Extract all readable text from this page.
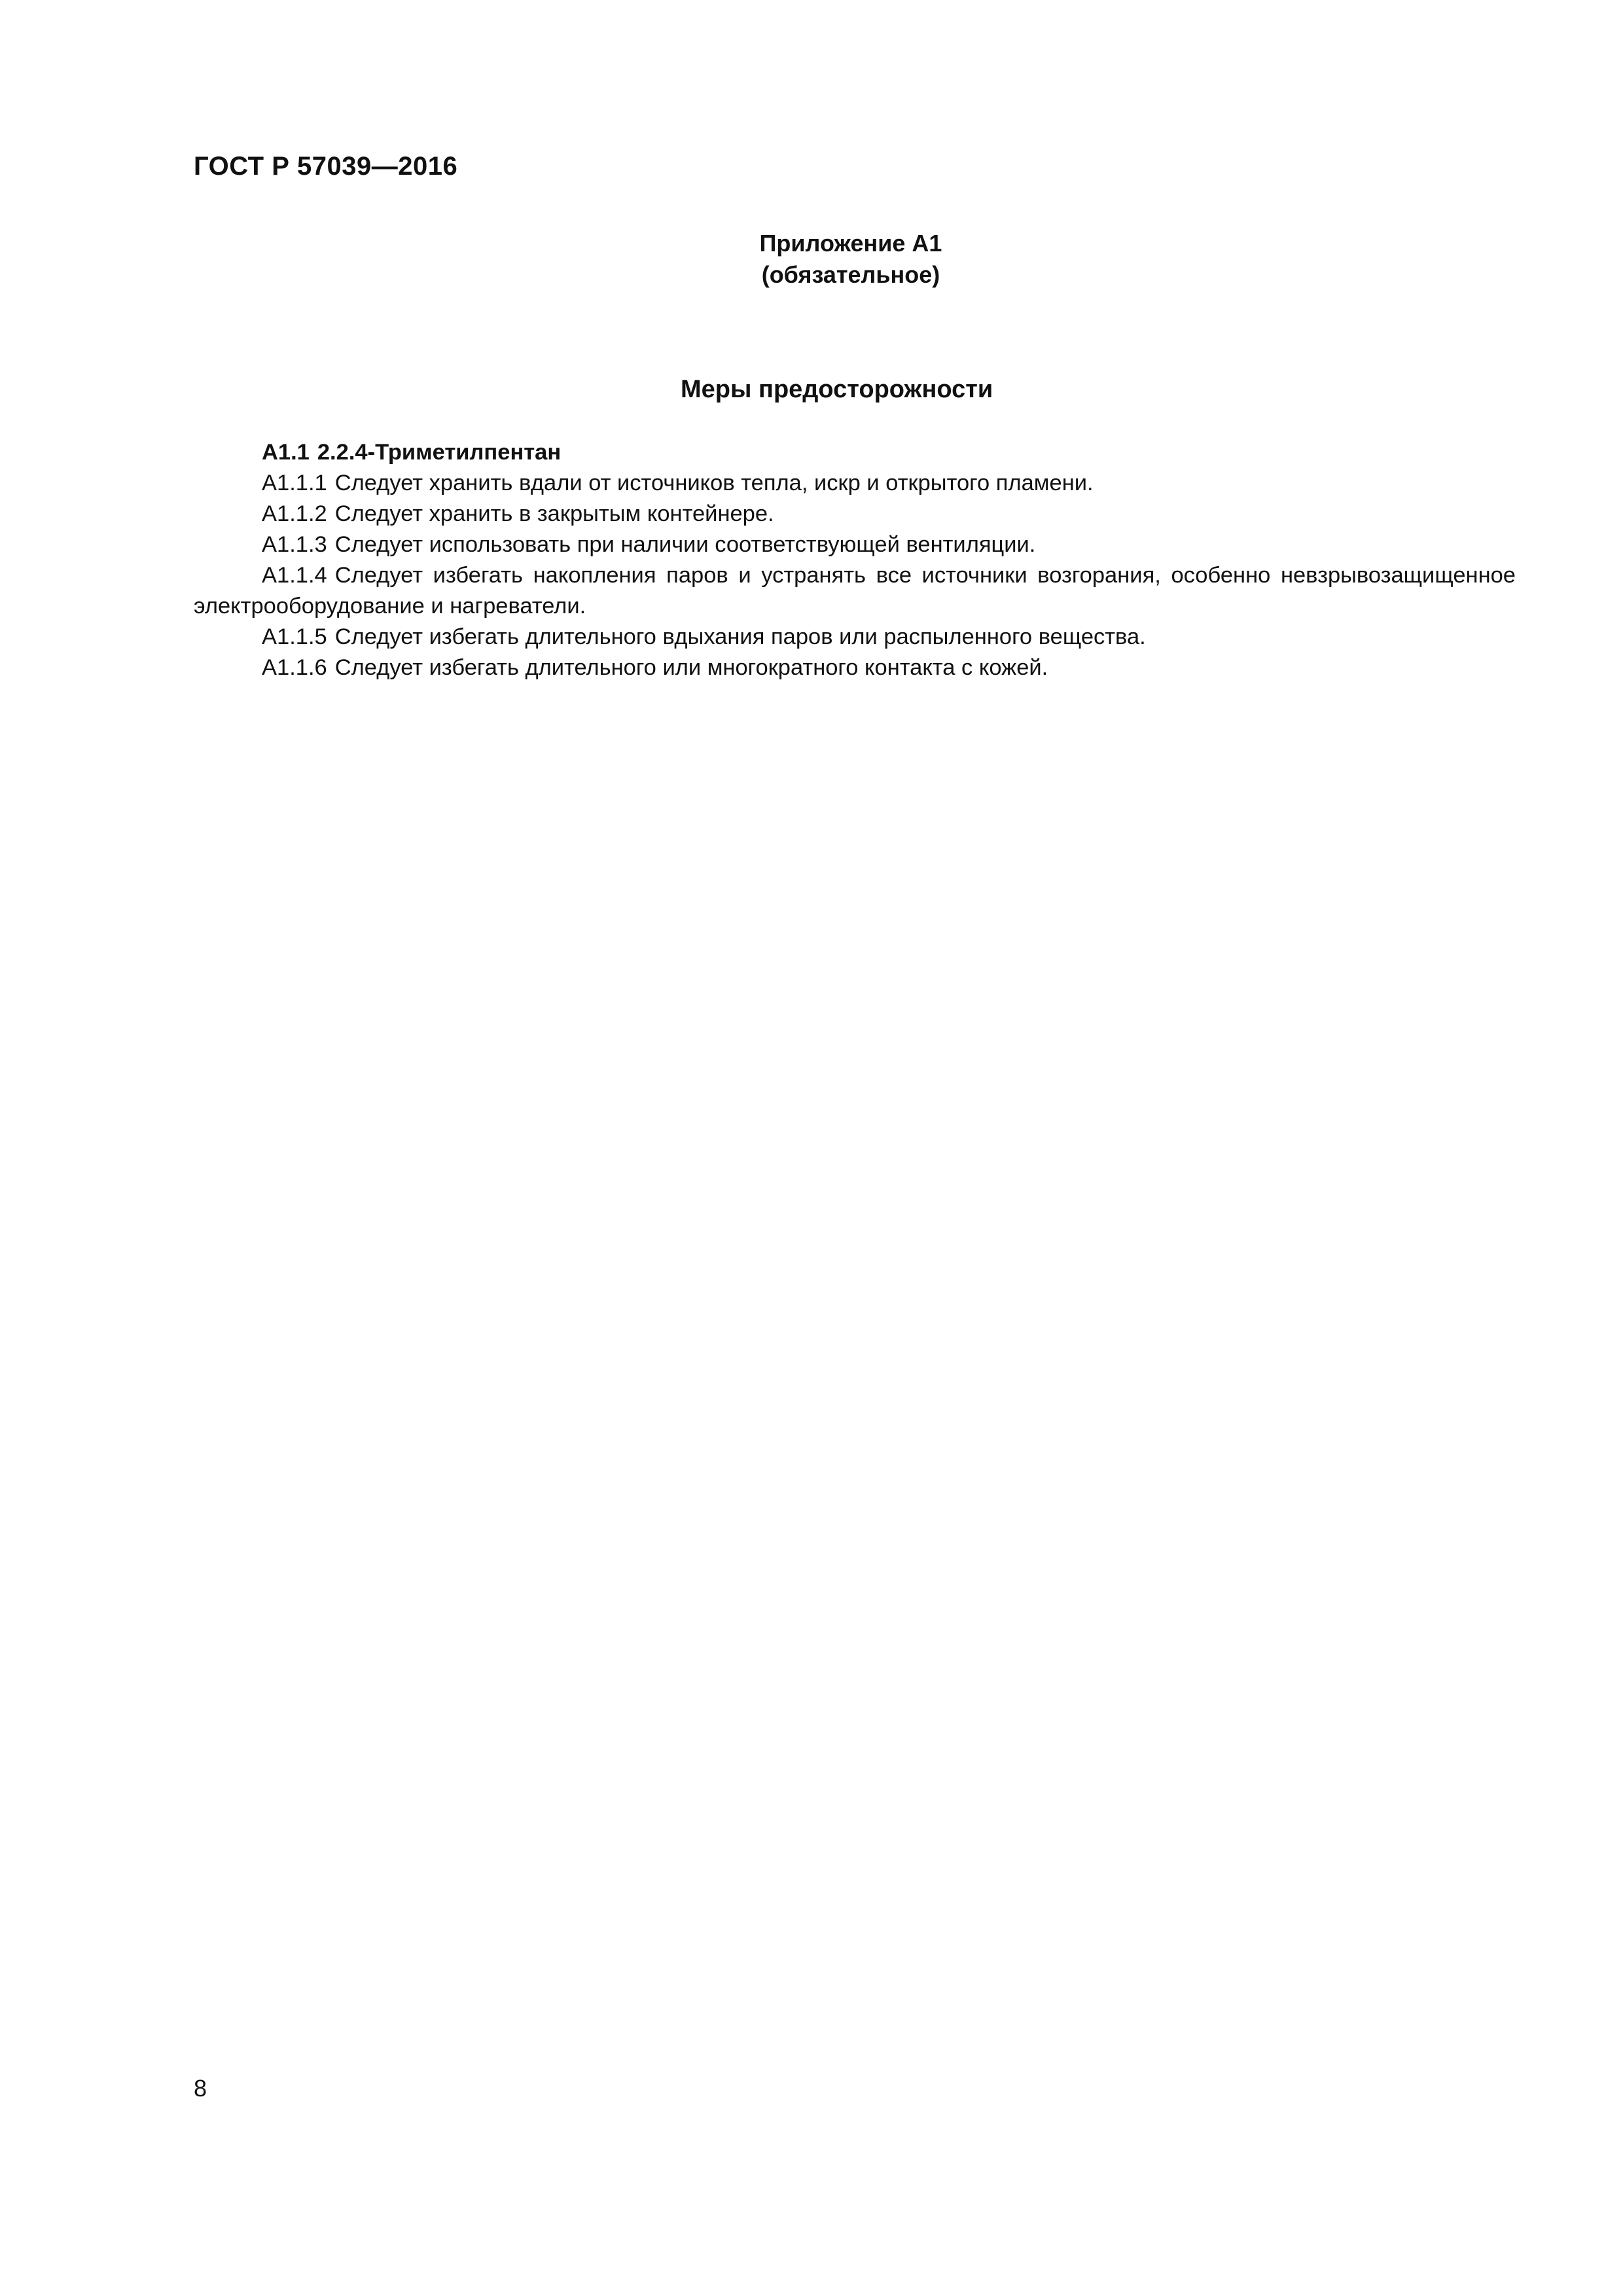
ГОСТ Р 57039—2016
Приложение А1
(обязательное)
Меры предосторожности
А1.1 2.2.4-Триметилпентан
А1.1.1 Следует хранить вдали от источников тепла, искр и открытого пламени.
А1.1.2 Следует хранить в закрытым контейнере.
А1.1.3 Следует использовать при наличии соответствующей вентиляции.
А1.1.4 Следует избегать накопления паров и устранять все источники возгорания, особенно невзрывозащищенное электрооборудование и нагреватели.
А1.1.5 Следует избегать длительного вдыхания паров или распыленного вещества.
А1.1.6 Следует избегать длительного или многократного контакта с кожей.
8
